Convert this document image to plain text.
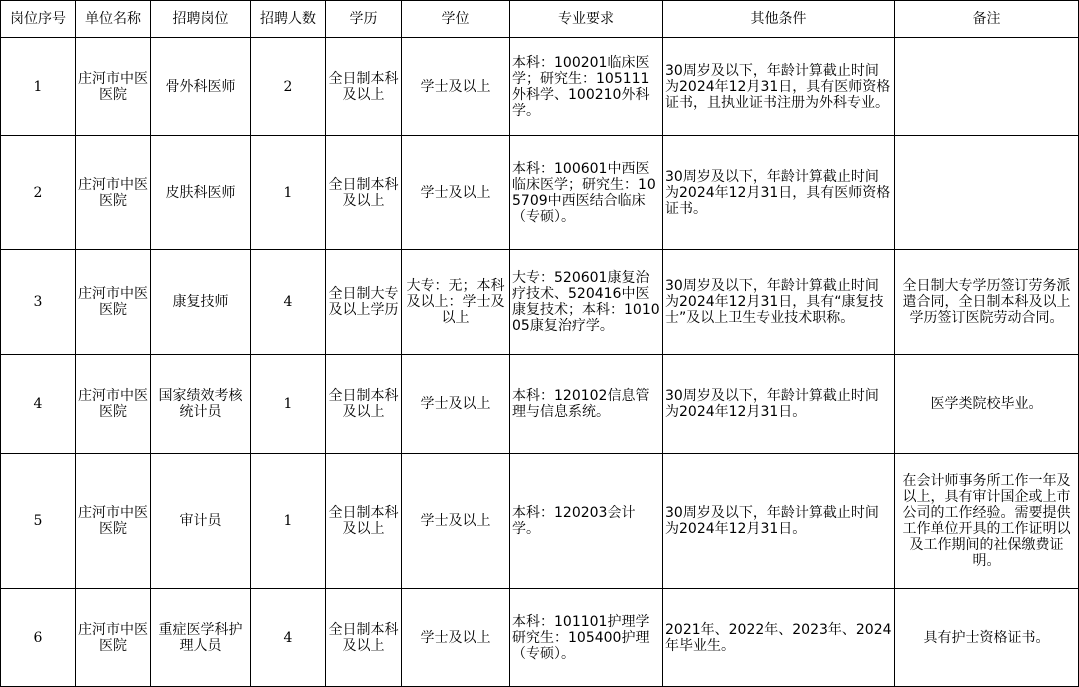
岗位序号	单位名称	招聘岗位	招聘人数	学历	学位	专业要求	其他条件	备注
1	庄河市中医医院	骨外科医师	2	全日制本科及以上	学士及以上	本科：100201临床医学；研究生：105111外科学、100210外科学。	30周岁及以下，年龄计算截止时间为2024年12月31日，具有医师资格证书，且执业证书注册为外科专业。	
2	庄河市中医医院	皮肤科医师	1	全日制本科及以上	学士及以上	本科：100601中西医临床医学；研究生：105709中西医结合临床（专硕）。	30周岁及以下，年龄计算截止时间为2024年12月31日，具有医师资格证书。	
3	庄河市中医医院	康复技师	4	全日制大专及以上学历	大专：无；本科及以上：学士及以上	大专：520601康复治疗技术、520416中医康复技术；本科：101005康复治疗学。	30周岁及以下，年龄计算截止时间为2024年12月31日，具有“康复技士”及以上卫生专业技术职称。	全日制大专学历签订劳务派遣合同，全日制本科及以上学历签订医院劳动合同。
4	庄河市中医医院	国家绩效考核统计员	1	全日制本科及以上	学士及以上	本科：120102信息管理与信息系统。	30周岁及以下，年龄计算截止时间为2024年12月31日。	医学类院校毕业。
5	庄河市中医医院	审计员	1	全日制本科及以上	学士及以上	本科：120203会计学。	30周岁及以下，年龄计算截止时间为2024年12月31日。	在会计师事务所工作一年及以上，具有审计国企或上市公司的工作经验。需要提供工作单位开具的工作证明以及工作期间的社保缴费证明。
6	庄河市中医医院	重症医学科护理人员	4	全日制本科及以上	学士及以上	本科：101101护理学研究生：105400护理（专硕）。	2021年、2022年、2023年、2024年毕业生。	具有护士资格证书。
